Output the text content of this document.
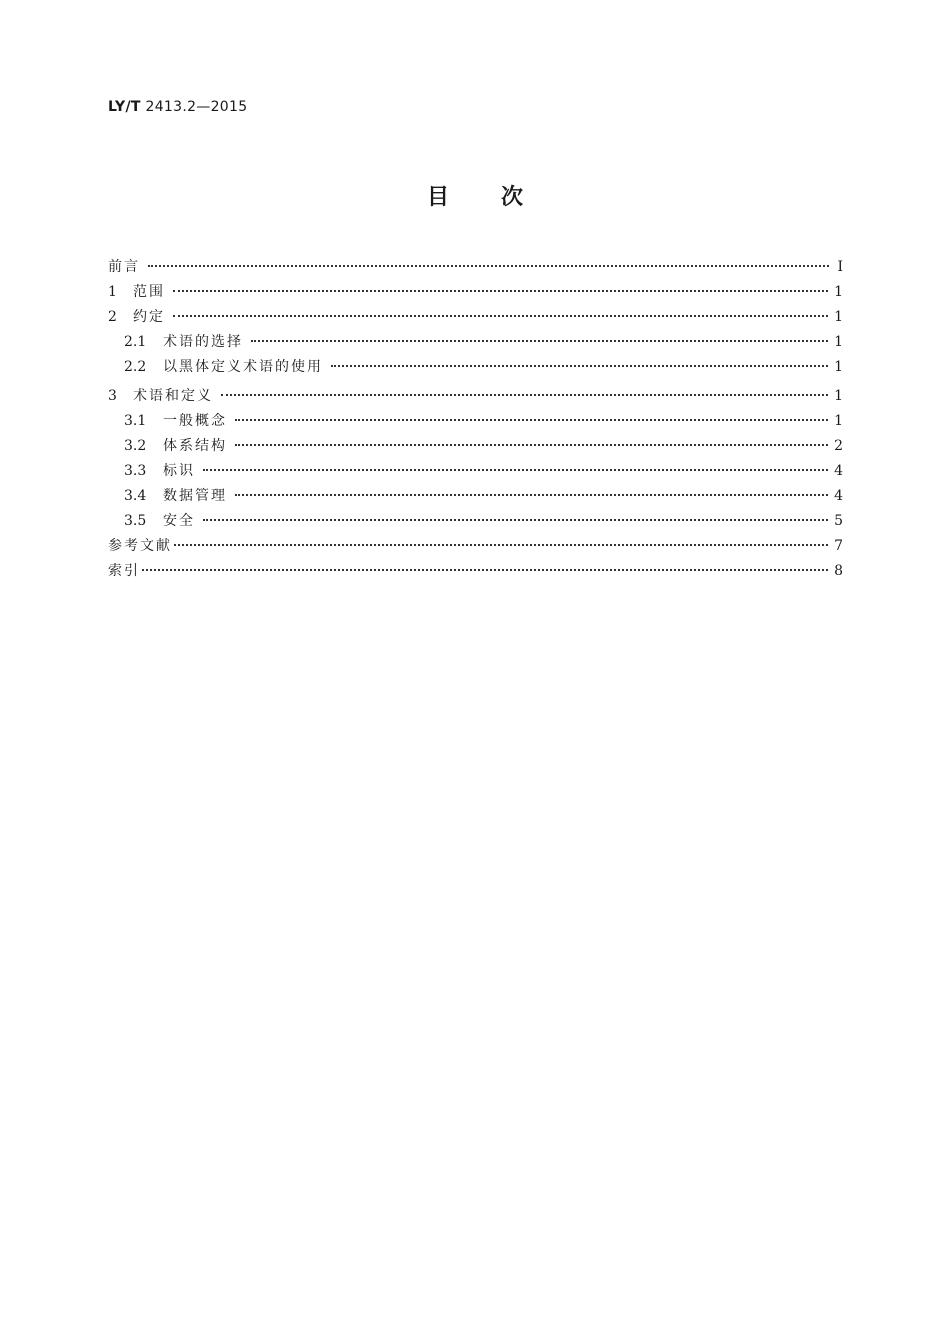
LY/T 2413.2—2015
目次
前言	Ⅰ
1	范围	1
2	约定	1
2.1	术语的选择	1
2.2	以黑体定义术语的使用	1
3	术语和定义	1
3.1	一般概念	1
3.2	体系结构	2
3.3	标识	4
3.4	数据管理	4
3.5	安全	5
参考文献	7
索引	8
